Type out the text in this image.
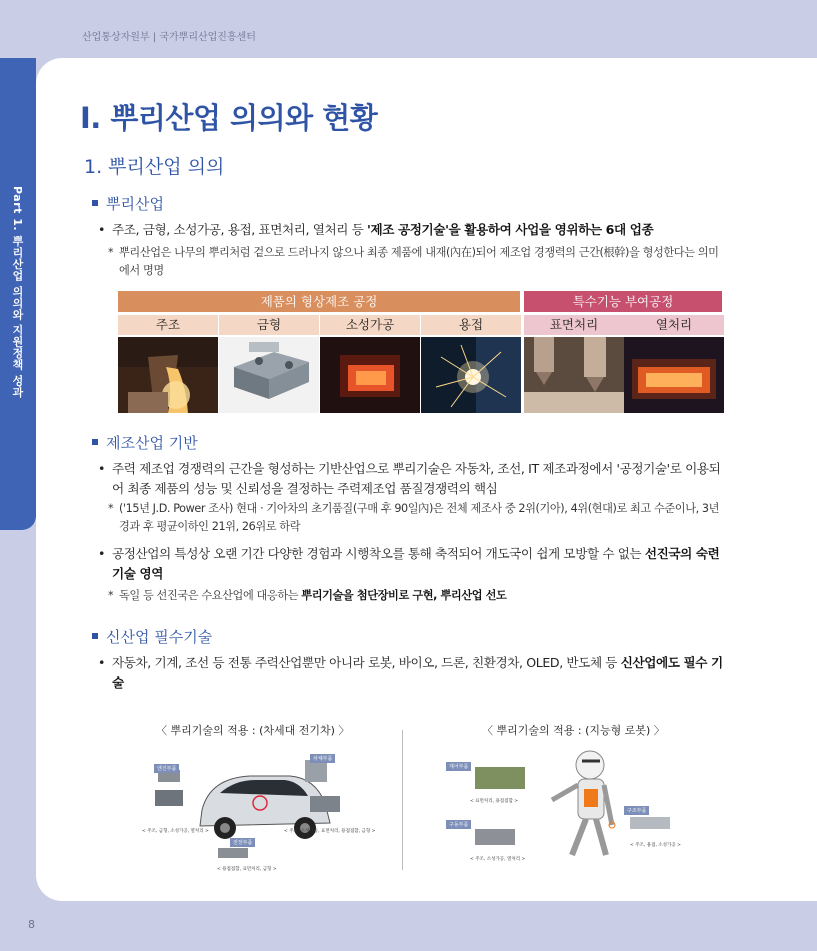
산업통상자원부 | 국가뿌리산업진흥센터
Part 1. 뿌리산업 의의와 지원정책 성과
8
Ⅰ. 뿌리산업 의의와 현황
1. 뿌리산업 의의
뿌리산업
• 주조, 금형, 소성가공, 용접, 표면처리, 열처리 등 '제조 공정기술'을 활용하여 사업을 영위하는 6대 업종
* 뿌리산업은 나무의 뿌리처럼 겉으로 드러나지 않으나 최종 제품에 내재(內在)되어 제조업 경쟁력의 근간(根幹)을 형성한다는 의미에서 명명
제품의 형상제조 공정	특수기능 부여공정
주조	금형	소성가공	용접	표면처리	열처리
제조산업 기반
• 주력 제조업 경쟁력의 근간을 형성하는 기반산업으로 뿌리기술은 자동차, 조선, IT 제조과정에서 '공정기술'로 이용되어 최종 제품의 성능 및 신뢰성을 결정하는 주력제조업 품질경쟁력의 핵심
* ('15년 J.D. Power 조사) 현대 · 기아차의 초기품질(구매 후 90일內)은 전체 제조사 중 2위(기아), 4위(현대)로 최고 수준이나, 3년 경과 후 평균이하인 21위, 26위로 하락
• 공정산업의 특성상 오랜 기간 다양한 경험과 시행착오를 통해 축적되어 개도국이 쉽게 모방할 수 없는 선진국의 숙련기술 영역
* 독일 등 선진국은 수요산업에 대응하는 뿌리기술을 첨단장비로 구현, 뿌리산업 선도
신산업 필수기술
• 자동차, 기계, 조선 등 전통 주력산업뿐만 아니라 로봇, 바이오, 드론, 친환경차, OLED, 반도체 등 신산업에도 필수 기술
〈 뿌리기술의 적용 : (차세대 전기차) 〉	〈 뿌리기술의 적용 : (지능형 로봇) 〉
엔진부품
차체부품
전장부품
< 주조, 금형, 소성가공, 열처리 >	< 주조, 소성가공, 표면처리, 용접접합, 금형 >
< 용접접합, 표면처리, 금형 >
제어부품
구동부품
구조부품
< 표면처리, 용접접합 >
< 주조, 소성가공, 열처리 >
< 주조, 용접, 소성가공 >
